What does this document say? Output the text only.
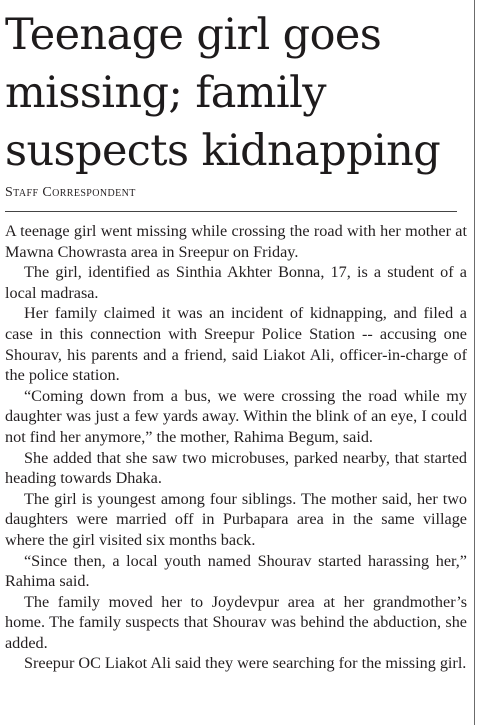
Teenage girl goes missing; family suspects kidnapping
Staff Correspondent

A teenage girl went missing while crossing the road with her mother at Mawna Chowrasta area in Sreepur on Friday.

The girl, identified as Sinthia Akhter Bonna, 17, is a student of a local madrasa.

Her family claimed it was an incident of kidnapping, and filed a case in this connection with Sreepur Police Station -- accusing one Shourav, his parents and a friend, said Liakot Ali, officer-in-charge of the police station.

“Coming down from a bus, we were crossing the road while my daughter was just a few yards away. Within the blink of an eye, I could not find her anymore,” the mother, Rahima Begum, said.

She added that she saw two microbuses, parked nearby, that started heading towards Dhaka.

The girl is youngest among four siblings. The mother said, her two daughters were married off in Purbapara area in the same village where the girl visited six months back.

“Since then, a local youth named Shourav started harassing her,” Rahima said.

The family moved her to Joydevpur area at her grandmother’s home. The family suspects that Shourav was behind the abduction, she added.

Sreepur OC Liakot Ali said they were searching for the missing girl.
